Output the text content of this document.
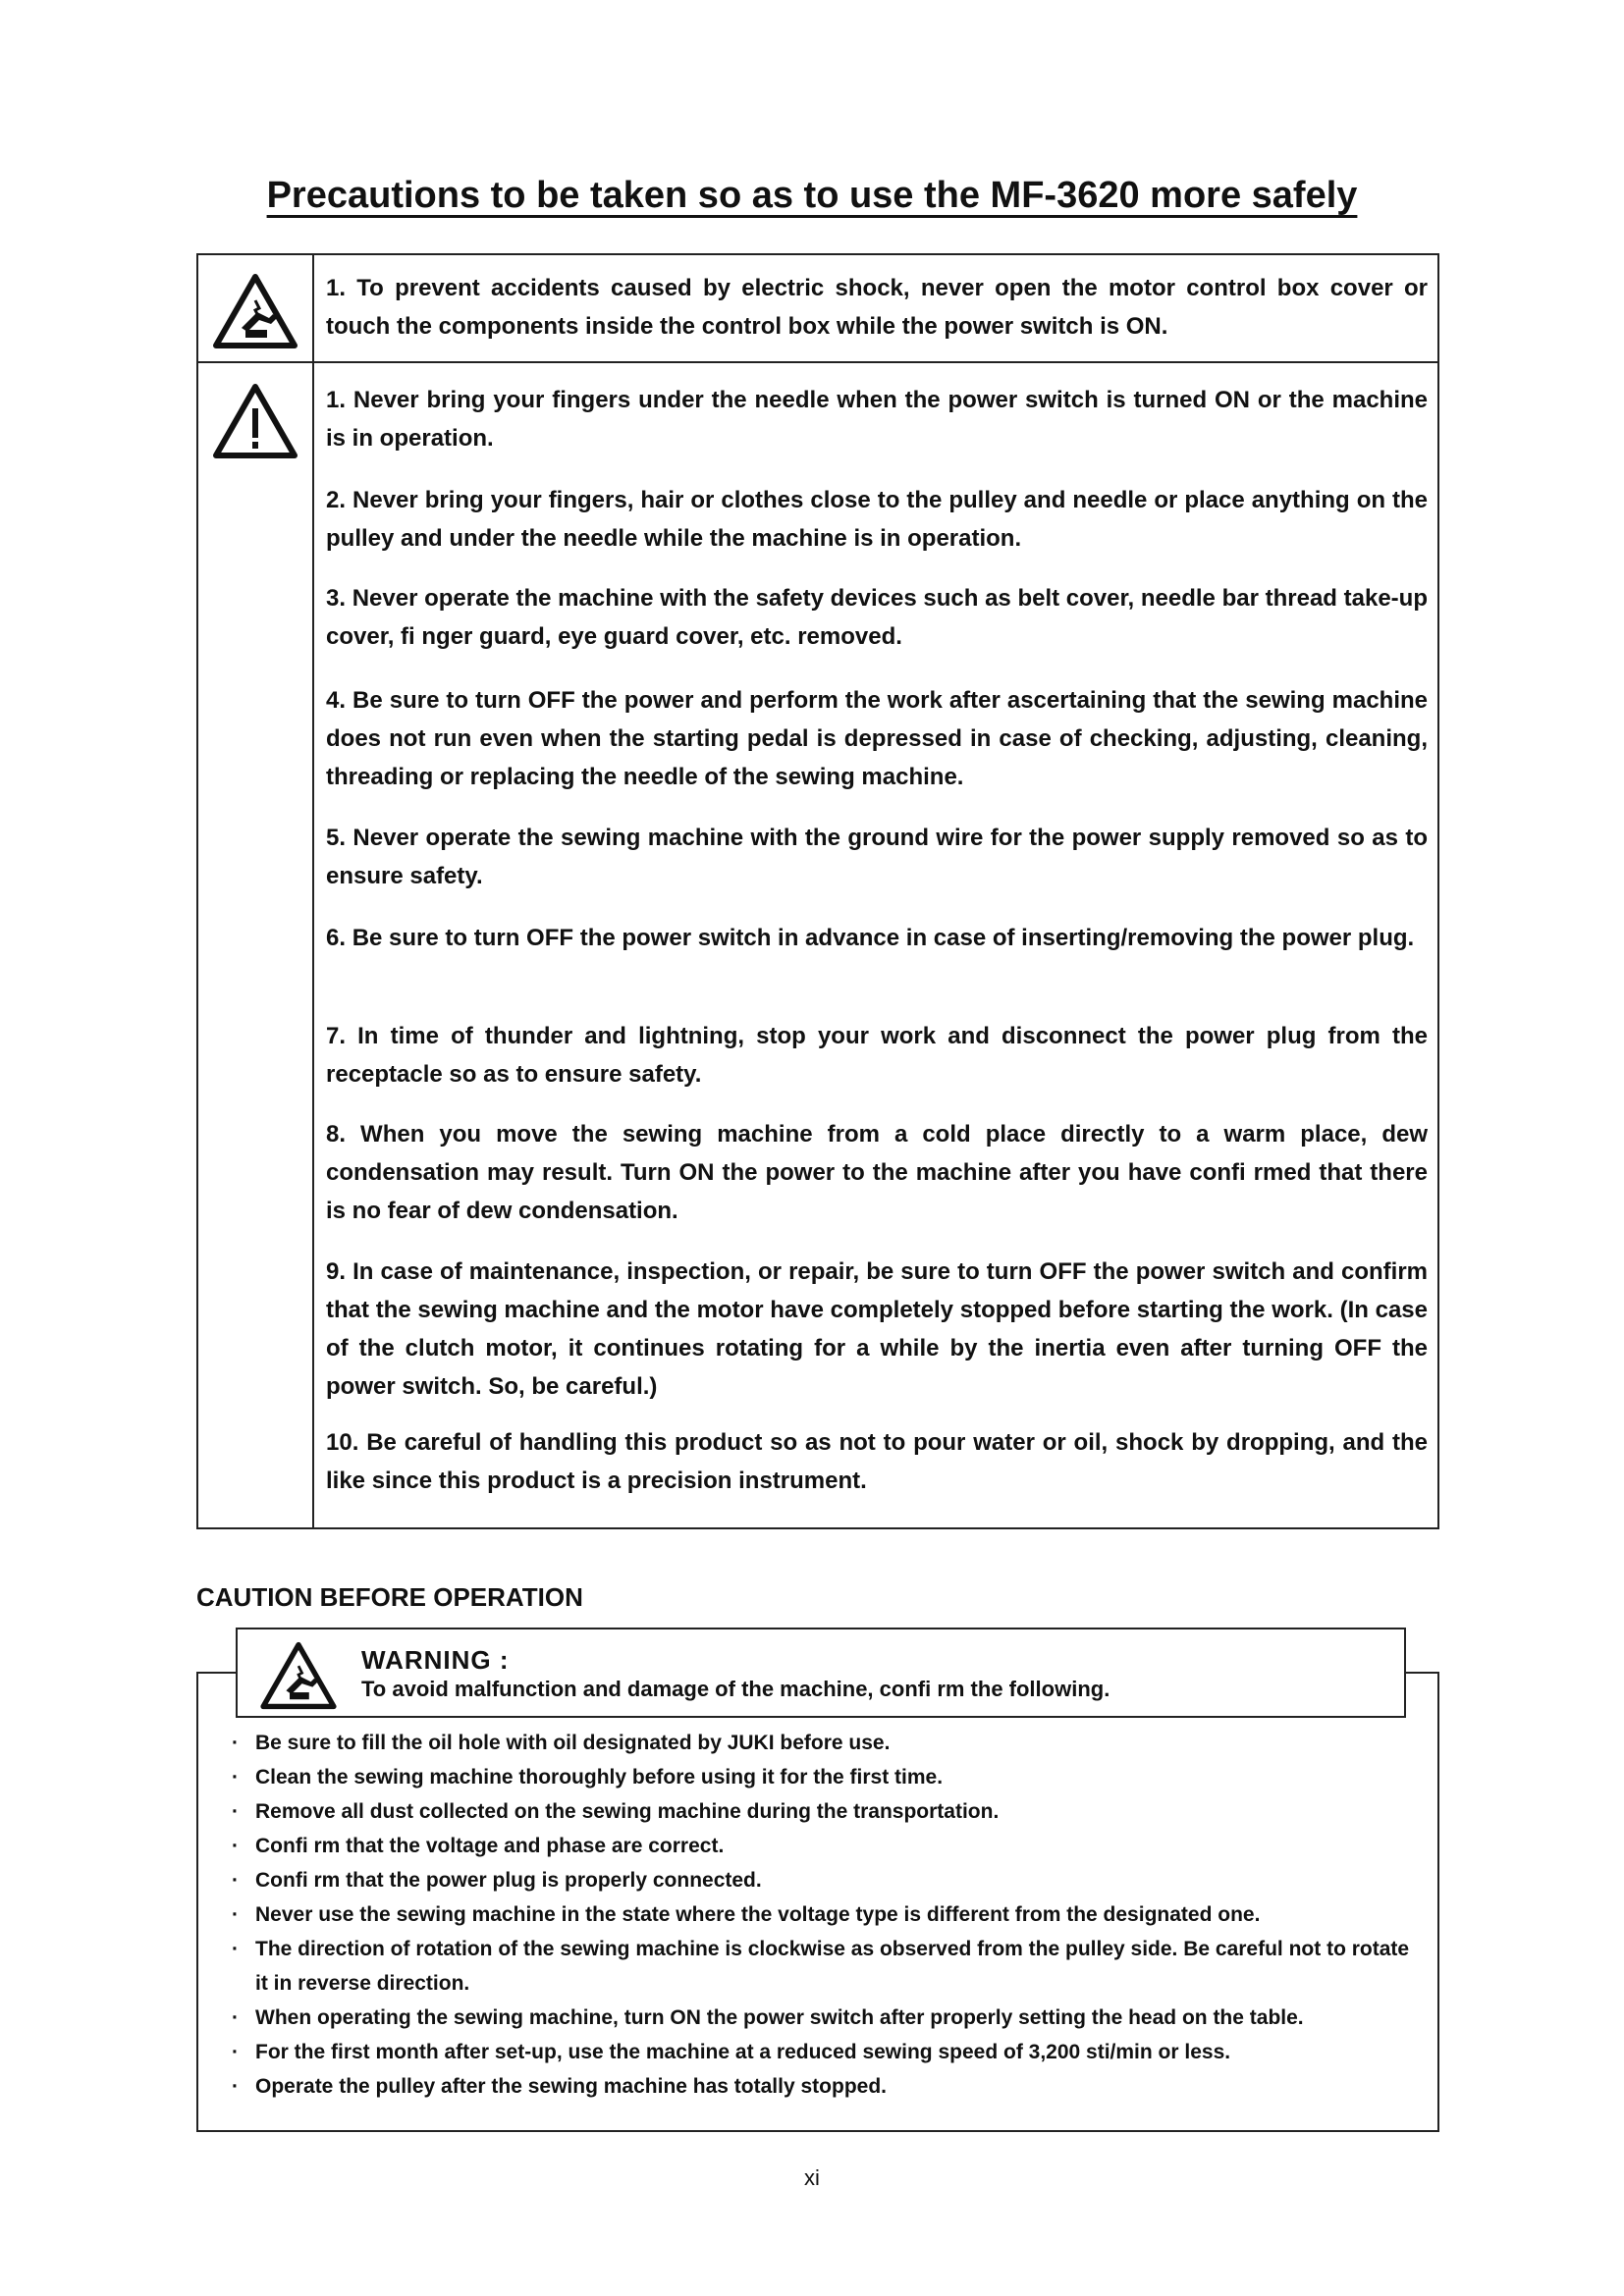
Precautions to be taken so as to use the MF-3620 more safely
1. To prevent accidents caused by electric shock, never open the motor control box cover or touch the components inside the control box while the power switch is ON.
1. Never bring your fingers under the needle when the power switch is turned ON or the machine is in operation.
2. Never bring your fingers, hair or clothes close to the pulley and needle or place anything on the pulley and under the needle while the machine is in operation.
3. Never operate the machine with the safety devices such as belt cover, needle bar thread take-up cover, fi nger guard, eye guard cover, etc. removed.
4. Be sure to turn OFF the power and perform the work after ascertaining that the sewing machine does not run even when the starting pedal is depressed in case of checking, adjusting, cleaning, threading or replacing the needle of the sewing machine.
5. Never operate the sewing machine with the ground wire for the power supply removed so as to ensure safety.
6. Be sure to turn OFF the power switch in advance in case of inserting/removing the power plug.
7. In time of thunder and lightning, stop your work and disconnect the power plug from the receptacle so as to ensure safety.
8. When you move the sewing machine from a cold place directly to a warm place, dew condensation may result. Turn ON the power to the machine after you have confi rmed that there is no fear of dew condensation.
9. In case of maintenance, inspection, or repair, be sure to turn OFF the power switch and confirm that the sewing machine and the motor have completely stopped before starting the work. (In case of the clutch motor, it continues rotating for a while by the inertia even after turning OFF the power switch. So, be careful.)
10. Be careful of handling this product so as not to pour water or oil, shock by dropping, and the like since this product is a precision instrument.
CAUTION BEFORE OPERATION
WARNING :
To avoid malfunction and damage of the machine, confi rm the following.
· Be sure to fill the oil hole with oil designated by JUKI before use.
· Clean the sewing machine thoroughly before using it for the first time.
· Remove all dust collected on the sewing machine during the transportation.
· Confi rm that the voltage and phase are correct.
· Confi rm that the power plug is properly connected.
· Never use the sewing machine in the state where the voltage type is different from the designated one.
· The direction of rotation of the sewing machine is clockwise as observed from the pulley side. Be careful not to rotate it in reverse direction.
· When operating the sewing machine, turn ON the power switch after properly setting the head on the table.
· For the first month after set-up, use the machine at a reduced sewing speed of 3,200 sti/min or less.
· Operate the pulley after the sewing machine has totally stopped.
xi
